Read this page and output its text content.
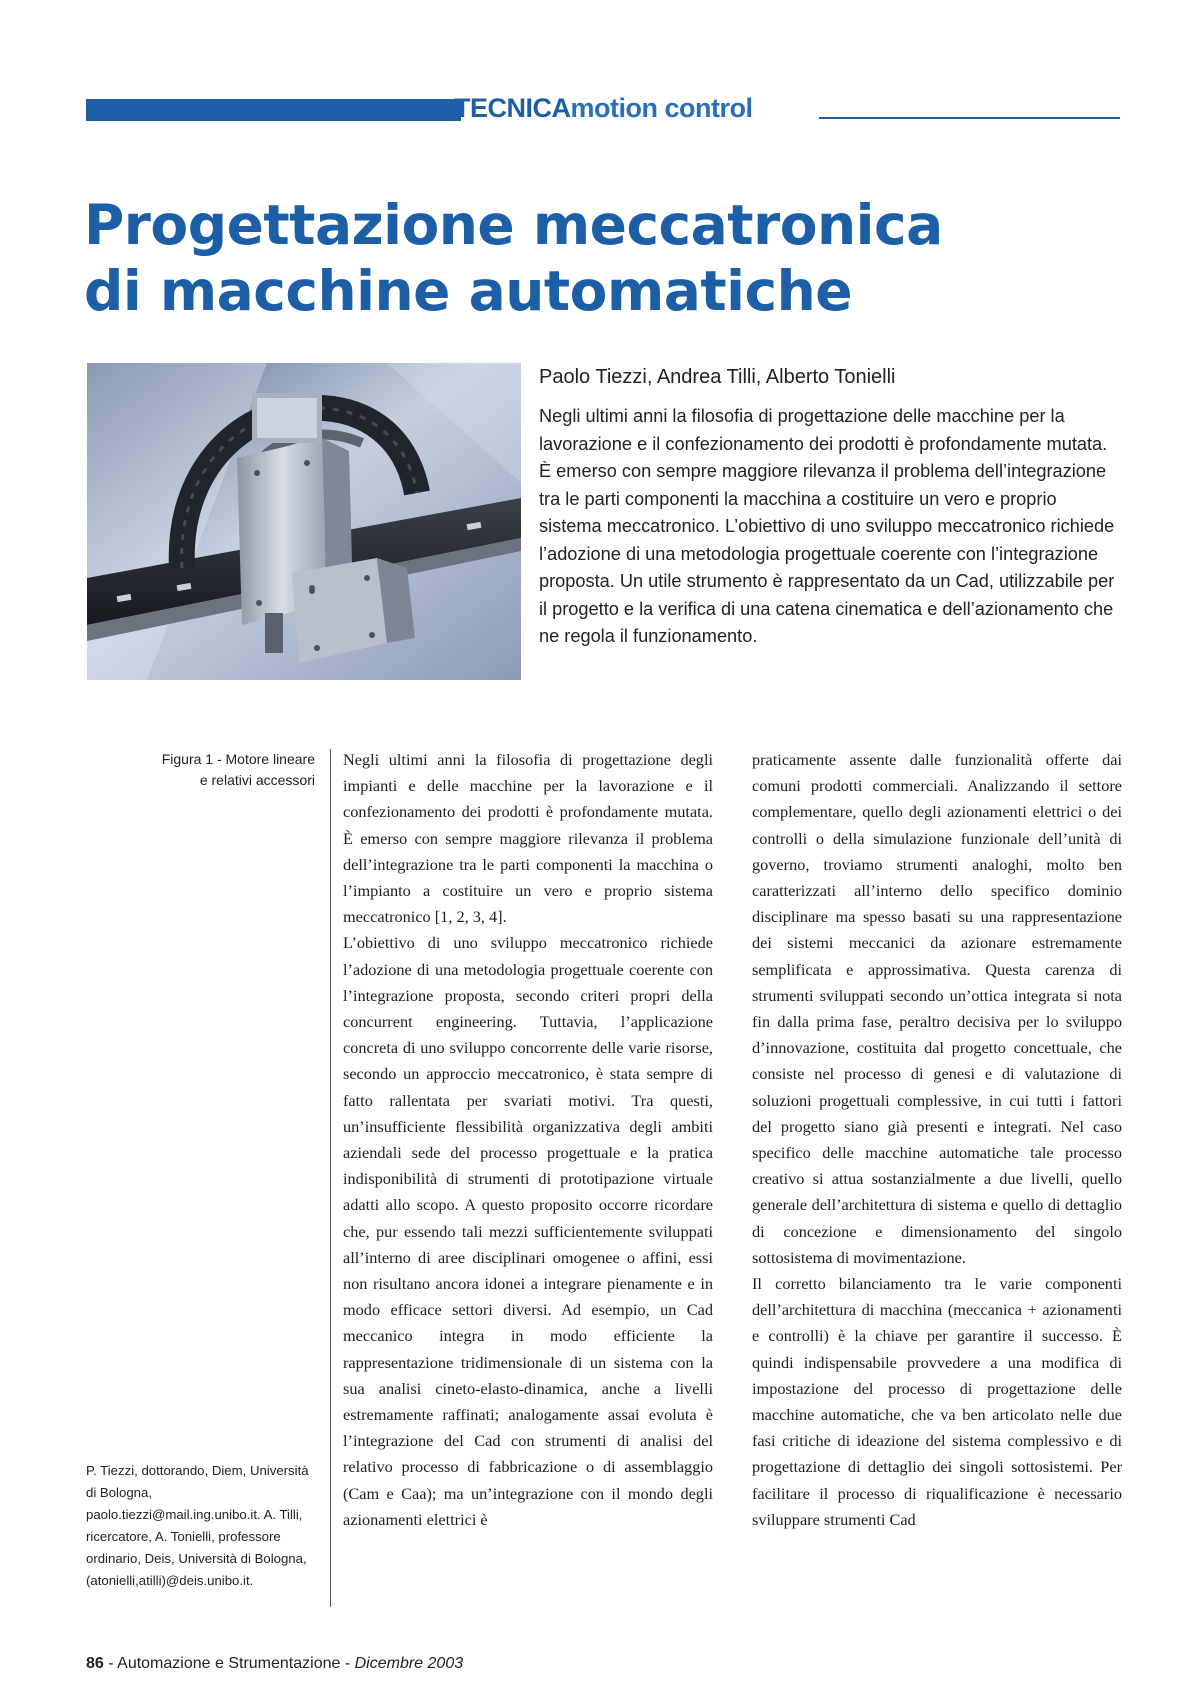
TECNICAmotion control
Progettazione meccatronica
di macchine automatiche

Paolo Tiezzi, Andrea Tilli, Alberto Tonielli

Negli ultimi anni la filosofia di progettazione delle macchine per la lavorazione e il confezionamento dei prodotti è profondamente mutata. È emerso con sempre maggiore rilevanza il problema dell’integrazione tra le parti componenti la macchina a costituire un vero e proprio sistema meccatronico. L’obiettivo di uno sviluppo meccatronico richiede l’adozione di una metodologia progettuale coerente con l’integrazione proposta. Un utile strumento è rappresentato da un Cad, utilizzabile per il progetto e la verifica di una catena cinematica e dell’azionamento che ne regola il funzionamento.

Figura 1 - Motore lineare
e relativi accessori

P. Tiezzi, dottorando, Diem, Università di Bologna, paolo.tiezzi@mail.ing.unibo.it. A. Tilli, ricercatore, A. Tonielli, professore ordinario, Deis, Università di Bologna, (atonielli,atilli)@deis.unibo.it.

Negli ultimi anni la filosofia di progettazione degli impianti e delle macchine per la lavorazione e il confezionamento dei prodotti è profondamente mutata. È emerso con sempre maggiore rilevanza il problema dell’integrazione tra le parti componenti la macchina o l’impianto a costituire un vero e proprio sistema meccatronico [1, 2, 3, 4].

L’obiettivo di uno sviluppo meccatronico richiede l’adozione di una metodologia progettuale coerente con l’integrazione proposta, secondo criteri propri della concurrent engineering. Tuttavia, l’applicazione concreta di uno sviluppo concorrente delle varie risorse, secondo un approccio meccatronico, è stata sempre di fatto rallentata per svariati motivi. Tra questi, un’insufficiente flessibilità organizzativa degli ambiti aziendali sede del processo progettuale e la pratica indisponibilità di strumenti di prototipazione virtuale adatti allo scopo. A questo proposito occorre ricordare che, pur essendo tali mezzi sufficientemente sviluppati all’interno di aree disciplinari omogenee o affini, essi non risultano ancora idonei a integrare pienamente e in modo efficace settori diversi. Ad esempio, un Cad meccanico integra in modo efficiente la rappresentazione tridimensionale di un sistema con la sua analisi cineto-elasto-dinamica, anche a livelli estremamente raffinati; analogamente assai evoluta è l’integrazione del Cad con strumenti di analisi del relativo processo di fabbricazione o di assemblaggio (Cam e Caa); ma un’integrazione con il mondo degli azionamenti elettrici è

praticamente assente dalle funzionalità offerte dai comuni prodotti commerciali. Analizzando il settore complementare, quello degli azionamenti elettrici o dei controlli o della simulazione funzionale dell’unità di governo, troviamo strumenti analoghi, molto ben caratterizzati all’interno dello specifico dominio disciplinare ma spesso basati su una rappresentazione dei sistemi meccanici da azionare estremamente semplificata e approssimativa. Questa carenza di strumenti sviluppati secondo un’ottica integrata si nota fin dalla prima fase, peraltro decisiva per lo sviluppo d’innovazione, costituita dal progetto concettuale, che consiste nel processo di genesi e di valutazione di soluzioni progettuali complessive, in cui tutti i fattori del progetto siano già presenti e integrati. Nel caso specifico delle macchine automatiche tale processo creativo si attua sostanzialmente a due livelli, quello generale dell’architettura di sistema e quello di dettaglio di concezione e dimensionamento del singolo sottosistema di movimentazione.

Il corretto bilanciamento tra le varie componenti dell’architettura di macchina (meccanica + azionamenti e controlli) è la chiave per garantire il successo. È quindi indispensabile provvedere a una modifica di impostazione del processo di progettazione delle macchine automatiche, che va ben articolato nelle due fasi critiche di ideazione del sistema complessivo e di progettazione di dettaglio dei singoli sottosistemi. Per facilitare il processo di riqualificazione è necessario sviluppare strumenti Cad

86 - Automazione e Strumentazione - Dicembre 2003
